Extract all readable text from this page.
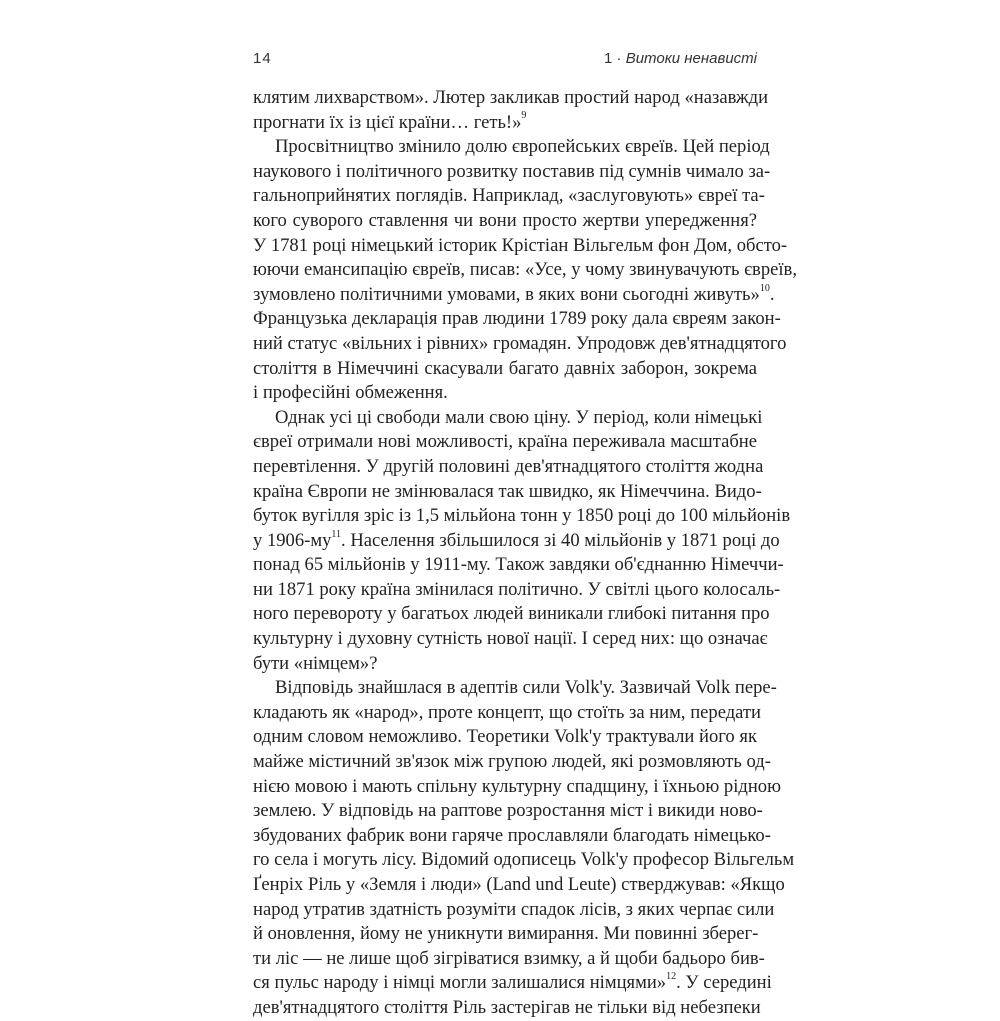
14	1 · Витоки ненависті

клятим лихварством». Лютер закликав простий народ «назавжди
прогнати їх із цієї країни… геть!»$^9$

Просвітництво змінило долю європейських євреїв. Цей період
наукового і політичного розвитку поставив під сумнів чимало за-
гальноприйнятих поглядів. Наприклад, «заслуговують» євреї та-
кого суворого ставлення чи вони просто жертви упередження?
У 1781 році німецький історик Крістіан Вільгельм фон Дом, обсто-
юючи емансипацію євреїв, писав: «Усе, у чому звинувачують євреїв,
зумовлено політичними умовами, в яких вони сьогодні живуть»$^{10}$.
Французька декларація прав людини 1789 року дала євреям закон-
ний статус «вільних і рівних» громадян. Упродовж дев'ятнадцятого
століття в Німеччині скасували багато давніх заборон, зокрема
і професійні обмеження.

Однак усі ці свободи мали свою ціну. У період, коли німецькі
євреї отримали нові можливості, країна переживала масштабне
перевтілення. У другій половині дев'ятнадцятого століття жодна
країна Європи не змінювалася так швидко, як Німеччина. Видо-
буток вугілля зріс із 1,5 мільйона тонн у 1850 році до 100 мільйонів
у $1906-му^{11}$. Населення збільшилося зі 40 мільйонів у 1871 році до
понад 65 мільйонів у 1911-му. Також завдяки об'єднанню Німеччи-
ни 1871 року країна змінилася політично. У світлі цього колосаль-
ного перевороту у багатьох людей виникали глибокі питання про
культурну і духовну сутність нової нації. І серед них: що означає
бути «німцем»?

Відповідь знайшлася в адептів сили Volk'у. Зазвичай Volk пере-
кладають як «народ», проте концепт, що стоїть за ним, передати
одним словом неможливо. Теоретики Volk'у трактували його як
майже містичний зв'язок між групою людей, які розмовляють од-
нією мовою і мають спільну культурну спадщину, і їхньою рідною
землею. У відповідь на раптове розростання міст і викиди ново-
збудованих фабрик вони гаряче прославляли благодать німецько-
го села і могуть лісу. Відомий одописець Volk'у професор Вільгельм
Ґенріх Ріль у «Земля і люди» (Land und Leute) стверджував: «Якщо
народ утратив здатність розуміти спадок лісів, з яких черпає сили
й оновлення, йому не уникнути вимирання. Ми повинні зберег-
ти ліс — не лише щоб зігріватися взимку, а й щоби бадьоро бив-
ся пульс народу і німці могли залишалися німцями»$^{12}$. У середині
дев'ятнадцятого століття Ріль застерігав не тільки від небезпеки
